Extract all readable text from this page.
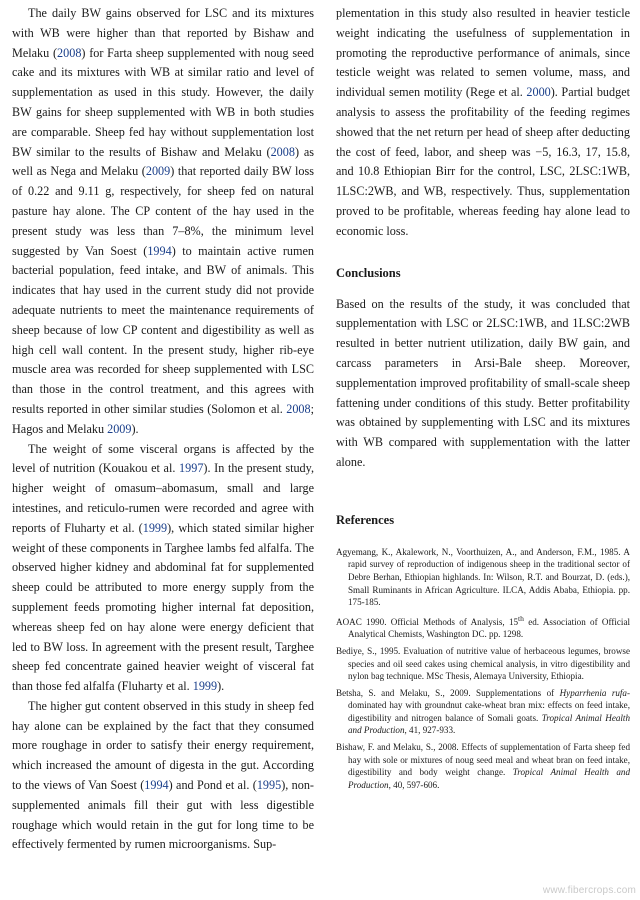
The daily BW gains observed for LSC and its mixtures with WB were higher than that reported by Bishaw and Melaku (2008) for Farta sheep supplemented with noug seed cake and its mixtures with WB at similar ratio and level of supplementation as used in this study. However, the daily BW gains for sheep supplemented with WB in both studies are comparable. Sheep fed hay without supplementation lost BW similar to the results of Bishaw and Melaku (2008) as well as Nega and Melaku (2009) that reported daily BW loss of 0.22 and 9.11 g, respectively, for sheep fed on natural pasture hay alone. The CP content of the hay used in the present study was less than 7–8%, the minimum level suggested by Van Soest (1994) to maintain active rumen bacterial population, feed intake, and BW of animals. This indicates that hay used in the current study did not provide adequate nutrients to meet the maintenance requirements of sheep because of low CP content and digestibility as well as high cell wall content. In the present study, higher rib-eye muscle area was recorded for sheep supplemented with LSC than those in the control treatment, and this agrees with results reported in other similar studies (Solomon et al. 2008; Hagos and Melaku 2009).

The weight of some visceral organs is affected by the level of nutrition (Kouakou et al. 1997). In the present study, higher weight of omasum–abomasum, small and large intestines, and reticulo-rumen were recorded and agree with reports of Fluharty et al. (1999), which stated similar higher weight of these components in Targhee lambs fed alfalfa. The observed higher kidney and abdominal fat for supplemented sheep could be attributed to more energy supply from the supplement feeds promoting higher internal fat deposition, whereas sheep fed on hay alone were energy deficient that led to BW loss. In agreement with the present result, Targhee sheep fed concentrate gained heavier weight of visceral fat than those fed alfalfa (Fluharty et al. 1999).

The higher gut content observed in this study in sheep fed hay alone can be explained by the fact that they consumed more roughage in order to satisfy their energy requirement, which increased the amount of digesta in the gut. According to the views of Van Soest (1994) and Pond et al. (1995), non-supplemented animals fill their gut with less digestible roughage which would retain in the gut for long time to be effectively fermented by rumen microorganisms. Sup-

plementation in this study also resulted in heavier testicle weight indicating the usefulness of supplementation in promoting the reproductive performance of animals, since testicle weight was related to semen volume, mass, and individual semen motility (Rege et al. 2000). Partial budget analysis to assess the profitability of the feeding regimes showed that the net return per head of sheep after deducting the cost of feed, labor, and sheep was −5, 16.3, 17, 15.8, and 10.8 Ethiopian Birr for the control, LSC, 2LSC:1WB, 1LSC:2WB, and WB, respectively. Thus, supplementation proved to be profitable, whereas feeding hay alone lead to economic loss.

Conclusions

Based on the results of the study, it was concluded that supplementation with LSC or 2LSC:1WB, and 1LSC:2WB resulted in better nutrient utilization, daily BW gain, and carcass parameters in Arsi-Bale sheep. Moreover, supplementation improved profitability of small-scale sheep fattening under conditions of this study. Better profitability was obtained by supplementing with LSC and its mixtures with WB compared with supplementation with the latter alone.

References
Agyemang, K., Akalework, N., Voorthuizen, A., and Anderson, F.M., 1985. A rapid survey of reproduction of indigenous sheep in the traditional sector of Debre Berhan, Ethiopian highlands. In: Wilson, R.T. and Bourzat, D. (eds.), Small Ruminants in African Agriculture. ILCA, Addis Ababa, Ethiopia. pp. 175-185.
AOAC 1990. Official Methods of Analysis, 15th ed. Association of Official Analytical Chemists, Washington DC. pp. 1298.
Bediye, S., 1995. Evaluation of nutritive value of herbaceous legumes, browse species and oil seed cakes using chemical analysis, in vitro digestibility and nylon bag technique. MSc Thesis, Alemaya University, Ethiopia.
Betsha, S. and Melaku, S., 2009. Supplementations of Hyparrhenia rufa-dominated hay with groundnut cake-wheat bran mix: effects on feed intake, digestibility and nitrogen balance of Somali goats. Tropical Animal Health and Production, 41, 927-933.
Bishaw, F. and Melaku, S., 2008. Effects of supplementation of Farta sheep fed hay with sole or mixtures of noug seed meal and wheat bran on feed intake, digestibility and body weight change. Tropical Animal Health and Production, 40, 597-606.
www.fibercrops.com
